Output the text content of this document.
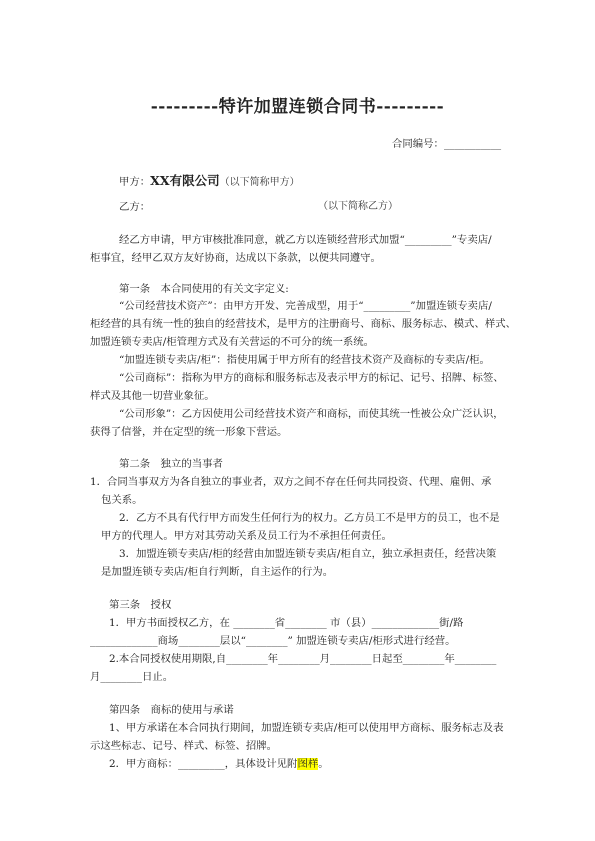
---------特许加盟连锁合同书---------
合同编号：___________
甲方：XX有限公司（以下简称甲方）
乙方：	（以下简称乙方）
经乙方申请，甲方审核批准同意，就乙方以连锁经营形式加盟“_________”专卖店/
柜事宜，经甲乙双方友好协商，达成以下条款，以便共同遵守。
第一条　本合同使用的有关文字定义:
“公司经营技术资产”：由甲方开发、完善成型，用于“_________”加盟连锁专卖店/
柜经营的具有统一性的独自的经营技术，是甲方的注册商号、商标、服务标志、模式、样式、
加盟连锁专卖店/柜管理方式及有关营运的不可分的统一系统。
“加盟连锁专卖店/柜”：指使用属于甲方所有的经营技术资产及商标的专卖店/柜。
“公司商标”：指称为甲方的商标和服务标志及表示甲方的标记、记号、招牌、标签、
样式及其他一切营业象征。
“公司形象”：乙方因使用公司经营技术资产和商标，而使其统一性被公众广泛认识，
获得了信誉，并在定型的统一形象下营运。
第二条　独立的当事者
1．合同当事双方为各自独立的事业者，双方之间不存在任何共同投资、代理、雇佣、承
包关系。
2．乙方不具有代行甲方而发生任何行为的权力。乙方员工不是甲方的员工，也不是
甲方的代理人。甲方对其劳动关系及员工行为不承担任何责任。
3．加盟连锁专卖店/柜的经营由加盟连锁专卖店/柜自立，独立承担责任，经营决策
是加盟连锁专卖店/柜自行判断，自主运作的行为。
第三条　授权
1．甲方书面授权乙方，在 ________省________ 市（县）_____________街/路
_____________商场________层以“________” 加盟连锁专卖店/柜形式进行经营。
2.本合同授权使用期限,自________年________月________日起至________年________
月________日止。
第四条　商标的使用与承诺
1、甲方承诺在本合同执行期间，加盟连锁专卖店/柜可以使用甲方商标、服务标志及表
示这些标志、记号、样式、标签、招牌。
2．甲方商标：_________，具体设计见附图样。
